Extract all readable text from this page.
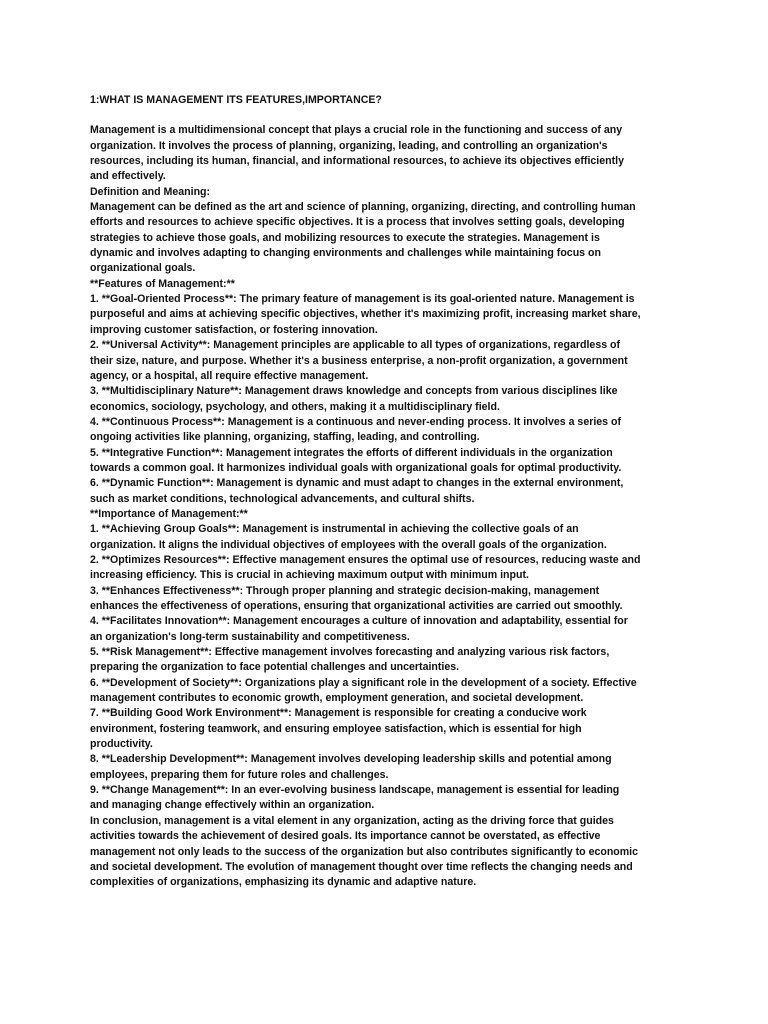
1:WHAT IS MANAGEMENT ITS FEATURES,IMPORTANCE?
Management is a multidimensional concept that plays a crucial role in the functioning and success of any
organization. It involves the process of planning, organizing, leading, and controlling an organization's
resources, including its human, financial, and informational resources, to achieve its objectives efficiently
and effectively.
Definition and Meaning:
Management can be defined as the art and science of planning, organizing, directing, and controlling human
efforts and resources to achieve specific objectives. It is a process that involves setting goals, developing
strategies to achieve those goals, and mobilizing resources to execute the strategies. Management is
dynamic and involves adapting to changing environments and challenges while maintaining focus on
organizational goals.
**Features of Management:**
1. **Goal-Oriented Process**: The primary feature of management is its goal-oriented nature. Management is
purposeful and aims at achieving specific objectives, whether it's maximizing profit, increasing market share,
improving customer satisfaction, or fostering innovation.
2. **Universal Activity**: Management principles are applicable to all types of organizations, regardless of
their size, nature, and purpose. Whether it's a business enterprise, a non-profit organization, a government
agency, or a hospital, all require effective management.
3. **Multidisciplinary Nature**: Management draws knowledge and concepts from various disciplines like
economics, sociology, psychology, and others, making it a multidisciplinary field.
4. **Continuous Process**: Management is a continuous and never-ending process. It involves a series of
ongoing activities like planning, organizing, staffing, leading, and controlling.
5. **Integrative Function**: Management integrates the efforts of different individuals in the organization
towards a common goal. It harmonizes individual goals with organizational goals for optimal productivity.
6. **Dynamic Function**: Management is dynamic and must adapt to changes in the external environment,
such as market conditions, technological advancements, and cultural shifts.
**Importance of Management:**
1. **Achieving Group Goals**: Management is instrumental in achieving the collective goals of an
organization. It aligns the individual objectives of employees with the overall goals of the organization.
2. **Optimizes Resources**: Effective management ensures the optimal use of resources, reducing waste and
increasing efficiency. This is crucial in achieving maximum output with minimum input.
3. **Enhances Effectiveness**: Through proper planning and strategic decision-making, management
enhances the effectiveness of operations, ensuring that organizational activities are carried out smoothly.
4. **Facilitates Innovation**: Management encourages a culture of innovation and adaptability, essential for
an organization's long-term sustainability and competitiveness.
5. **Risk Management**: Effective management involves forecasting and analyzing various risk factors,
preparing the organization to face potential challenges and uncertainties.
6. **Development of Society**: Organizations play a significant role in the development of a society. Effective
management contributes to economic growth, employment generation, and societal development.
7. **Building Good Work Environment**: Management is responsible for creating a conducive work
environment, fostering teamwork, and ensuring employee satisfaction, which is essential for high
productivity.
8. **Leadership Development**: Management involves developing leadership skills and potential among
employees, preparing them for future roles and challenges.
9. **Change Management**: In an ever-evolving business landscape, management is essential for leading
and managing change effectively within an organization.
In conclusion, management is a vital element in any organization, acting as the driving force that guides
activities towards the achievement of desired goals. Its importance cannot be overstated, as effective
management not only leads to the success of the organization but also contributes significantly to economic
and societal development. The evolution of management thought over time reflects the changing needs and
complexities of organizations, emphasizing its dynamic and adaptive nature.
